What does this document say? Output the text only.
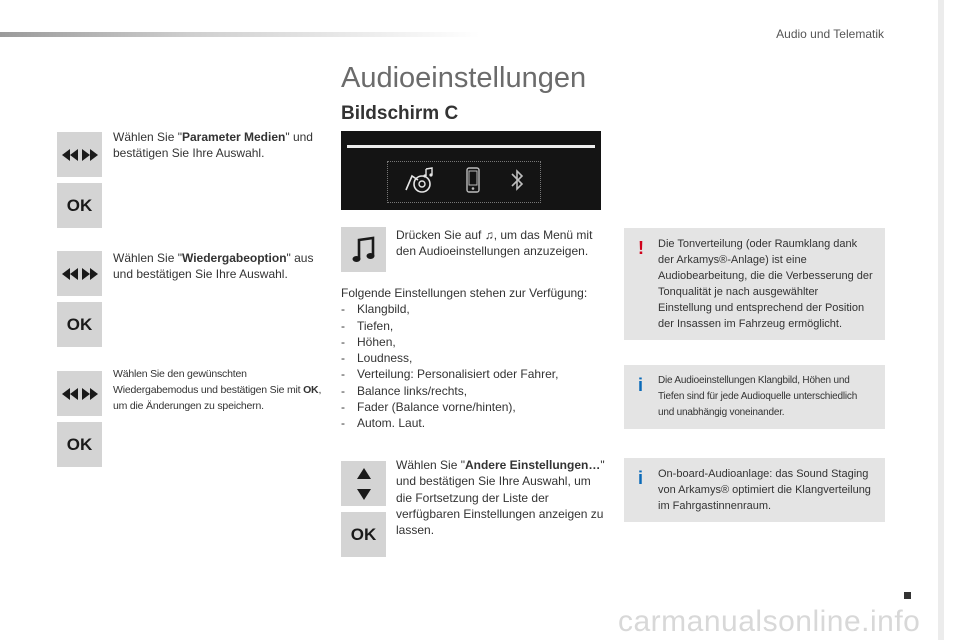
Audio und Telematik
Audioeinstellungen
Bildschirm C
OK
Wählen Sie "Parameter Medien" und bestätigen Sie Ihre Auswahl.
OK
Wählen Sie "Wiedergabeoption" aus und bestätigen Sie Ihre Auswahl.
OK
Wählen Sie den gewünschten Wiedergabemodus und bestätigen Sie mit OK, um die Änderungen zu speichern.
Drücken Sie auf ♫, um das Menü mit den Audioeinstellungen anzuzeigen.
Folgende Einstellungen stehen zur Verfügung:
- Klangbild,
- Tiefen,
- Höhen,
- Loudness,
- Verteilung: Personalisiert oder Fahrer,
- Balance links/rechts,
- Fader (Balance vorne/hinten),
- Autom. Laut.
OK
Wählen Sie "Andere Einstellungen…" und bestätigen Sie Ihre Auswahl, um die Fortsetzung der Liste der verfügbaren Einstellungen anzeigen zu lassen.
! Die Tonverteilung (oder Raumklang dank der Arkamys®-Anlage) ist eine Audiobearbeitung, die die Verbesserung der Tonqualität je nach ausgewählter Einstellung und entsprechend der Position der Insassen im Fahrzeug ermöglicht.

i Die Audioeinstellungen Klangbild, Höhen und Tiefen sind für jede Audioquelle unterschiedlich und unabhängig voneinander.

i On-board-Audioanlage: das Sound Staging von Arkamys® optimiert die Klangverteilung im Fahrgastinnenraum.

carmanualsonline.info
